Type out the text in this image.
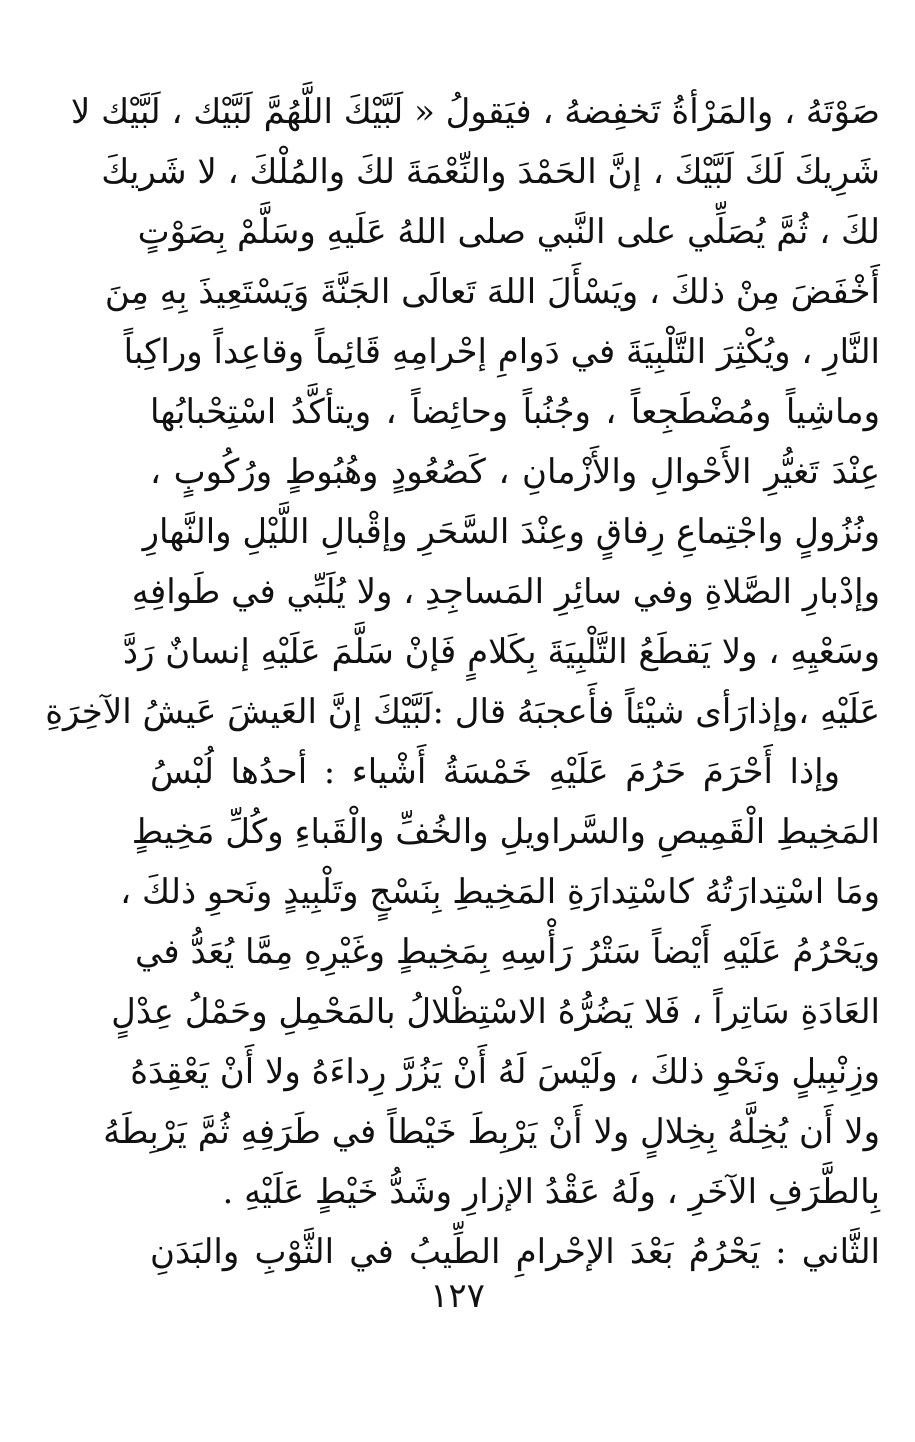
صَوْتَهُ ، والمَرْأةُ تَخفِضهُ ، فيَقولُ « لَبَّيْكَ اللَّهُمَّ لَبَّيْك ، لَبَّيْك لا
شَرِيكَ لَكَ لَبَّيْكَ ، إنَّ الحَمْدَ والنِّعْمَةَ لكَ والمُلْكَ ، لا شَريكَ
لكَ ، ثُمَّ يُصَلِّي على النَّبي صلى اللهُ عَلَيهِ وسَلَّمْ بِصَوْتٍ
أَخْفَضَ مِنْ ذلكَ ، ويَسْأَلَ اللهَ تَعالَى الجَنَّةَ وَيَسْتَعِيذَ بِهِ مِنَ
النَّارِ ، ويُكْثِرَ التَّلْبِيَةَ في دَوامِ إحْرامِهِ قَائِماً وقاعِداً وراكِباً
وماشِياً ومُضْطَجِعاً ، وجُنُباً وحائِضاً ، ويتأكَّدُ اسْتِحْبابُها
عِنْدَ تَغيُّرِ الأَحْوالِ والأَزْمانِ ، كَصُعُودٍ وهُبُوطٍ ورُكُوبٍ ،
ونُزُولٍ واجْتِماعِ رِفاقٍ وعِنْدَ السَّحَرِ وإقْبالِ اللَّيْلِ والنَّهارِ
وإدْبارِ الصَّلاةِ وفي سائِرِ المَساجِدِ ، ولا يُلَبِّي في طَوافِهِ
وسَعْيِهِ ، ولا يَقطَعُ التَّلْبِيَةَ بِكَلامٍ فَإنْ سَلَّمَ عَلَيْهِ إنسانٌ رَدَّ
عَلَيْهِ ،وإذارَأى شيْئاً فأَعجبَهُ قال :لَبَّيْكَ إنَّ العَيشَ عَيشُ الآخِرَةِ
وإذا أَحْرَمَ حَرُمَ عَلَيْهِ خَمْسَةُ أَشْياء : أحدُها لُبْسُ
المَخِيطِ الْقَمِيصِ والسَّراويلِ والخُفِّ والْقَباءِ وكُلِّ مَخِيطٍ
ومَا اسْتِدارَتُهُ كاسْتِدارَةِ المَخِيطِ بِنَسْجٍ وتَلْبِيدٍ ونَحوِ ذلكَ ،
ويَحْرُمُ عَلَيْهِ أَيْضاً سَتْرُ رَأْسِهِ بِمَخِيطٍ وغَيْرِهِ مِمَّا يُعَدُّ في
العَادَةِ سَاتِراً ، فَلا يَضُرُّهُ الاسْتِظْلالُ بالمَحْمِلِ وحَمْلُ عِدْلٍ
وزِنْبِيلٍ ونَحْوِ ذلكَ ، ولَيْسَ لَهُ أَنْ يَزُرَّ رِداءَهُ ولا أَنْ يَعْقِدَهُ
ولا أَن يُخِلَّهُ بِخِلالٍ ولا أَنْ يَرْبِطَ خَيْطاً في طَرَفِهِ ثُمَّ يَرْبِطَهُ
بِالطَّرَفِ الآخَرِ ، ولَهُ عَقْدُ الإزارِ وشَدُّ خَيْطٍ عَلَيْهِ .
الثَّاني : يَحْرُمُ بَعْدَ الإحْرامِ الطِّيبُ في الثَّوْبِ والبَدَنِ
١٢٧
